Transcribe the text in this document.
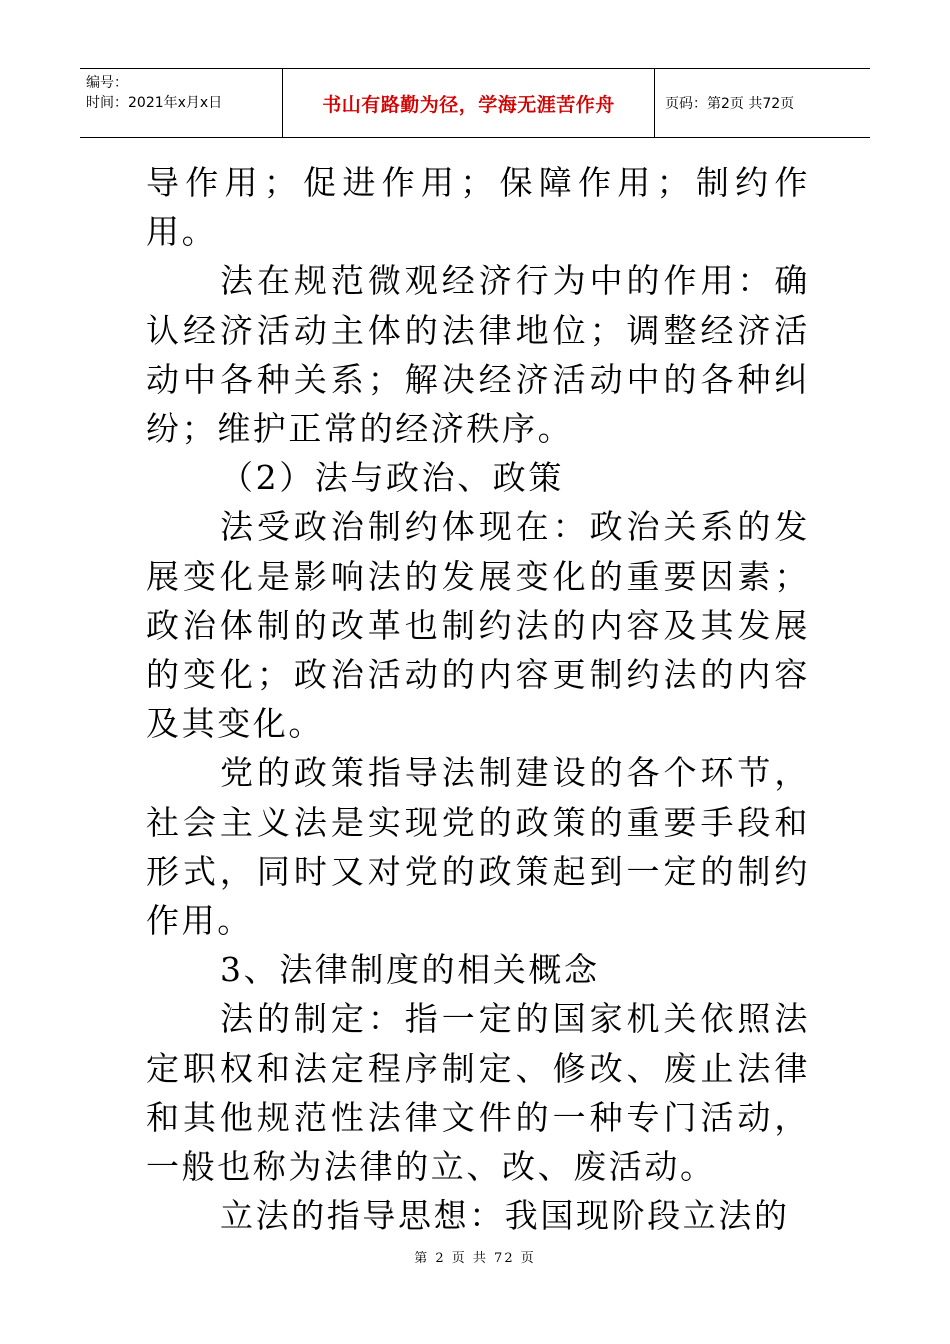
编号：
时间：2021年x月x日	书山有路勤为径，学海无涯苦作舟	页码：第2页 共72页

导作用；促进作用；保障作用；制约作用。

法在规范微观经济行为中的作用：确认经济活动主体的法律地位；调整经济活动中各种关系；解决经济活动中的各种纠纷；维护正常的经济秩序。

（2）法与政治、政策

法受政治制约体现在：政治关系的发展变化是影响法的发展变化的重要因素；政治体制的改革也制约法的内容及其发展的变化；政治活动的内容更制约法的内容及其变化。

党的政策指导法制建设的各个环节，社会主义法是实现党的政策的重要手段和形式，同时又对党的政策起到一定的制约作用。

3、法律制度的相关概念

法的制定：指一定的国家机关依照法定职权和法定程序制定、修改、废止法律和其他规范性法律文件的一种专门活动，一般也称为法律的立、改、废活动。

立法的指导思想：我国现阶段立法的

第 2 页 共 72 页
